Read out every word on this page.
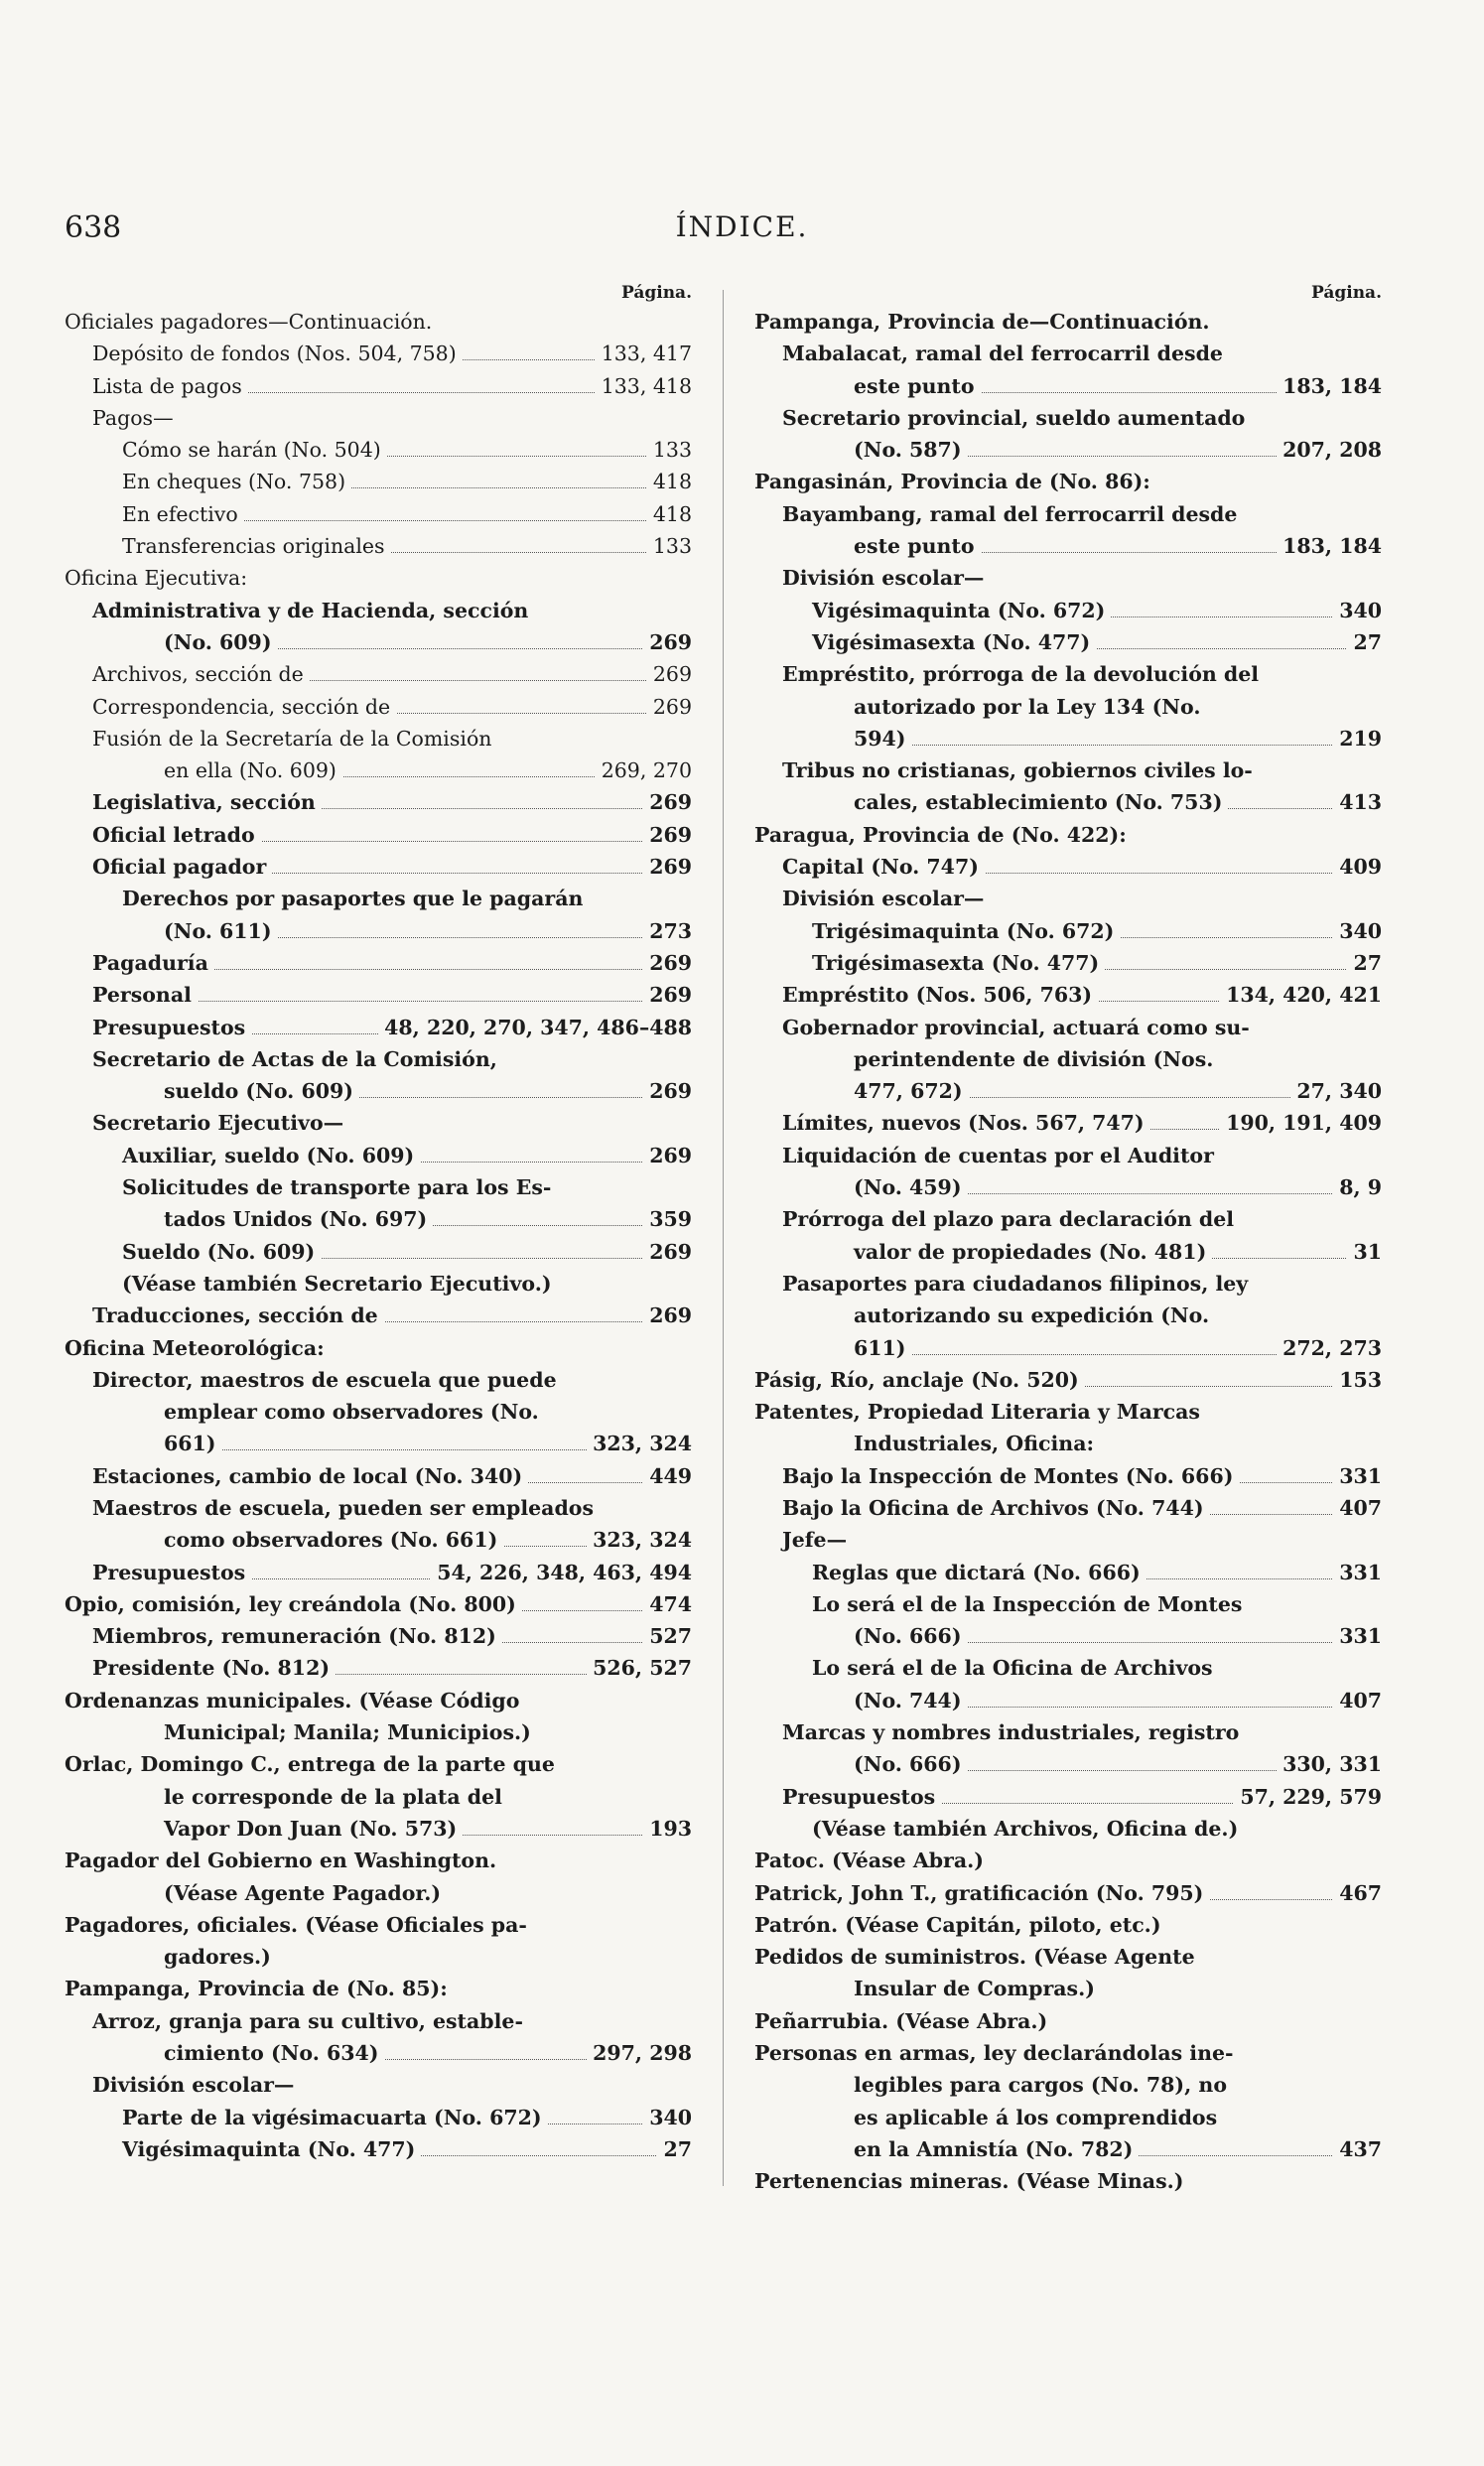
638	ÍNDICE.
Página.
Oficiales pagadores—Continuación.
Depósito de fondos (Nos. 504, 758)	133, 417
Lista de pagos	133, 418
Pagos—
Cómo se harán (No. 504)	133
En cheques (No. 758)	418
En efectivo	418
Transferencias originales	133
Oficina Ejecutiva:
Administrativa y de Hacienda, sección
(No. 609)	269
Archivos, sección de	269
Correspondencia, sección de	269
Fusión de la Secretaría de la Comisión
en ella (No. 609)	269, 270
Legislativa, sección	269
Oficial letrado	269
Oficial pagador	269
Derechos por pasaportes que le pagarán
(No. 611)	273
Pagaduría	269
Personal	269
Presupuestos	48, 220, 270, 347, 486–488
Secretario de Actas de la Comisión,
sueldo (No. 609)	269
Secretario Ejecutivo—
Auxiliar, sueldo (No. 609)	269
Solicitudes de transporte para los Es-
tados Unidos (No. 697)	359
Sueldo (No. 609)	269
(Véase también Secretario Ejecutivo.)
Traducciones, sección de	269
Oficina Meteorológica:
Director, maestros de escuela que puede
emplear como observadores (No.
661)	323, 324
Estaciones, cambio de local (No. 340)	449
Maestros de escuela, pueden ser empleados
como observadores (No. 661)	323, 324
Presupuestos	54, 226, 348, 463, 494
Opio, comisión, ley creándola (No. 800)	474
Miembros, remuneración (No. 812)	527
Presidente (No. 812)	526, 527
Ordenanzas municipales. (Véase Código
Municipal; Manila; Municipios.)
Orlac, Domingo C., entrega de la parte que
le corresponde de la plata del
Vapor Don Juan (No. 573)	193
Pagador del Gobierno en Washington.
(Véase Agente Pagador.)
Pagadores, oficiales. (Véase Oficiales pa-
gadores.)
Pampanga, Provincia de (No. 85):
Arroz, granja para su cultivo, estable-
cimiento (No. 634)	297, 298
División escolar—
Parte de la vigésimacuarta (No. 672)	340
Vigésimaquinta (No. 477)	27
Página.
Pampanga, Provincia de—Continuación.
Mabalacat, ramal del ferrocarril desde
este punto	183, 184
Secretario provincial, sueldo aumentado
(No. 587)	207, 208
Pangasinán, Provincia de (No. 86):
Bayambang, ramal del ferrocarril desde
este punto	183, 184
División escolar—
Vigésimaquinta (No. 672)	340
Vigésimasexta (No. 477)	27
Empréstito, prórroga de la devolución del
autorizado por la Ley 134 (No.
594)	219
Tribus no cristianas, gobiernos civiles lo-
cales, establecimiento (No. 753)	413
Paragua, Provincia de (No. 422):
Capital (No. 747)	409
División escolar—
Trigésimaquinta (No. 672)	340
Trigésimasexta (No. 477)	27
Empréstito (Nos. 506, 763)	134, 420, 421
Gobernador provincial, actuará como su-
perintendente de división (Nos.
477, 672)	27, 340
Límites, nuevos (Nos. 567, 747)	190, 191, 409
Liquidación de cuentas por el Auditor
(No. 459)	8, 9
Prórroga del plazo para declaración del
valor de propiedades (No. 481)	31
Pasaportes para ciudadanos filipinos, ley
autorizando su expedición (No.
611)	272, 273
Pásig, Río, anclaje (No. 520)	153
Patentes, Propiedad Literaria y Marcas
Industriales, Oficina:
Bajo la Inspección de Montes (No. 666)	331
Bajo la Oficina de Archivos (No. 744)	407
Jefe—
Reglas que dictará (No. 666)	331
Lo será el de la Inspección de Montes
(No. 666)	331
Lo será el de la Oficina de Archivos
(No. 744)	407
Marcas y nombres industriales, registro
(No. 666)	330, 331
Presupuestos	57, 229, 579
(Véase también Archivos, Oficina de.)
Patoc. (Véase Abra.)
Patrick, John T., gratificación (No. 795)	467
Patrón. (Véase Capitán, piloto, etc.)
Pedidos de suministros. (Véase Agente
Insular de Compras.)
Peñarrubia. (Véase Abra.)
Personas en armas, ley declarándolas ine-
legibles para cargos (No. 78), no
es aplicable á los comprendidos
en la Amnistía (No. 782)	437
Pertenencias mineras. (Véase Minas.)
